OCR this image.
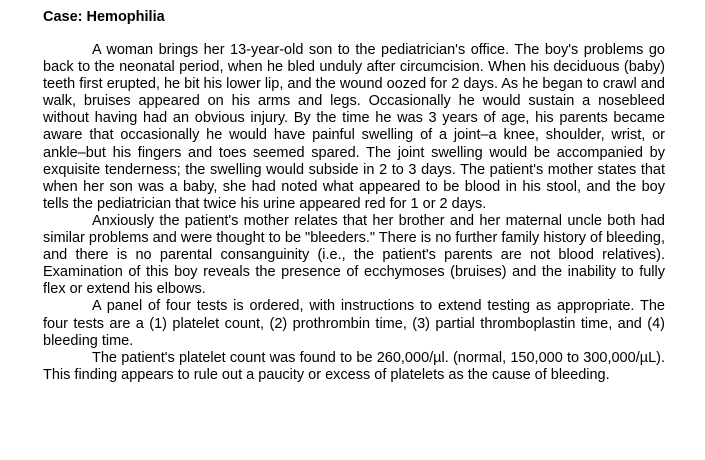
Case: Hemophilia

A woman brings her 13-year-old son to the pediatrician's office. The boy's problems go back to the neonatal period, when he bled unduly after circumcision. When his deciduous (baby) teeth first erupted, he bit his lower lip, and the wound oozed for 2 days. As he began to crawl and walk, bruises appeared on his arms and legs. Occasionally he would sustain a nosebleed without having had an obvious injury. By the time he was 3 years of age, his parents became aware that occasionally he would have painful swelling of a joint–a knee, shoulder, wrist, or ankle–but his fingers and toes seemed spared. The joint swelling would be accompanied by exquisite tenderness; the swelling would subside in 2 to 3 days. The patient's mother states that when her son was a baby, she had noted what appeared to be blood in his stool, and the boy tells the pediatrician that twice his urine appeared red for 1 or 2 days.

Anxiously the patient's mother relates that her brother and her maternal uncle both had similar problems and were thought to be "bleeders." There is no further family history of bleeding, and there is no parental consanguinity (i.e., the patient's parents are not blood relatives). Examination of this boy reveals the presence of ecchymoses (bruises) and the inability to fully flex or extend his elbows.

A panel of four tests is ordered, with instructions to extend testing as appropriate. The four tests are a (1) platelet count, (2) prothrombin time, (3) partial thromboplastin time, and (4) bleeding time.

The patient's platelet count was found to be 260,000/µl. (normal, 150,000 to 300,000/µL). This finding appears to rule out a paucity or excess of platelets as the cause of bleeding.
